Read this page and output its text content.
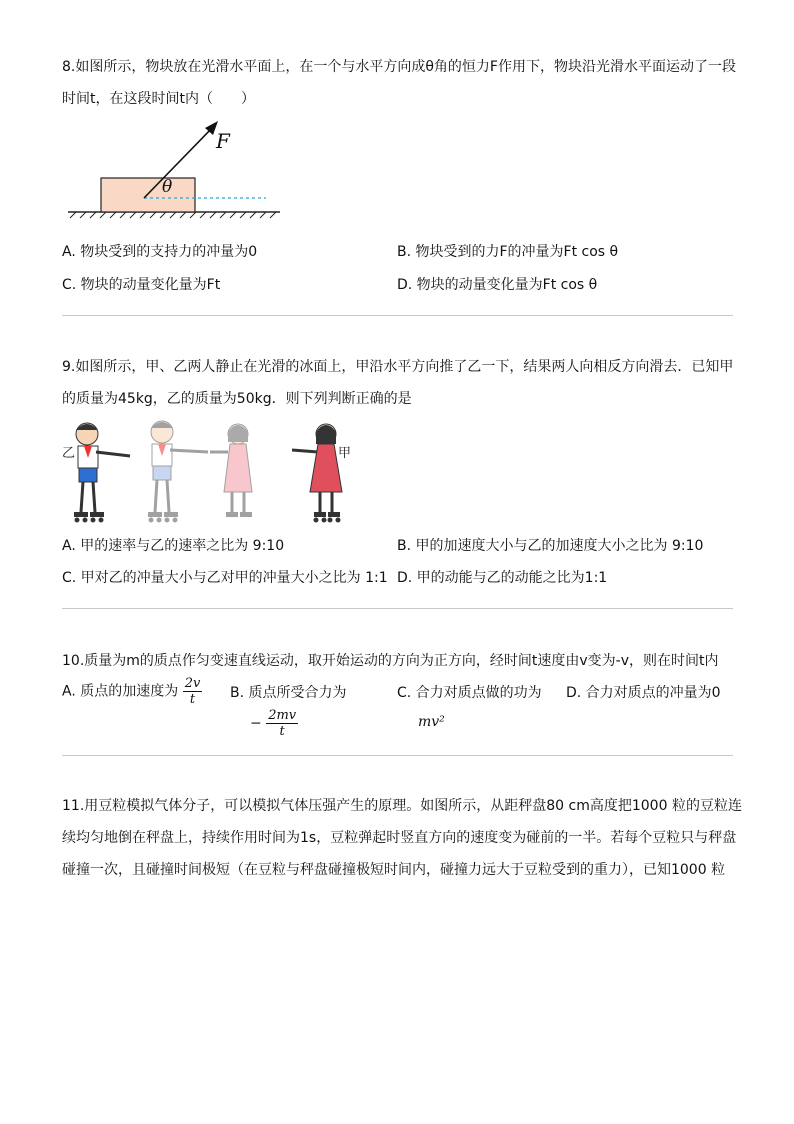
8.如图所示，物块放在光滑水平面上，在一个与水平方向成θ角的恒力F作用下，物块沿光滑水平面运动了一段
时间t，在这段时间t内（　　）
F
θ
A. 物块受到的支持力的冲量为0	B. 物块受到的力F的冲量为Ft cos θ
C. 物块的动量变化量为Ft	D. 物块的动量变化量为Ft cos θ
9.如图所示，甲、乙两人静止在光滑的冰面上，甲沿水平方向推了乙一下，结果两人向相反方向滑去．已知甲
的质量为45kg，乙的质量为50kg．则下列判断正确的是
乙	甲
A. 甲的速率与乙的速率之比为 9:10	B. 甲的加速度大小与乙的加速度大小之比为 9:10
C. 甲对乙的冲量大小与乙对甲的冲量大小之比为 1:1 D. 甲的动能与乙的动能之比为1:1
10.质量为m的质点作匀变速直线运动，取开始运动的方向为正方向，经时间t速度由v变为-v，则在时间t内
A. 质点的加速度为 $\frac{2v}{t} B$. 质点所受合力为
− $\frac{2mv}{t}$
C. 合力对质点做的功为
mv²
D. 合力对质点的冲量为0
11.用豆粒模拟气体分子，可以模拟气体压强产生的原理。如图所示，从距秤盘80 cm高度把1000 粒的豆粒连
续均匀地倒在秤盘上，持续作用时间为1s，豆粒弹起时竖直方向的速度变为碰前的一半。若每个豆粒只与秤盘
碰撞一次，且碰撞时间极短（在豆粒与秤盘碰撞极短时间内，碰撞力远大于豆粒受到的重力），已知1000 粒
